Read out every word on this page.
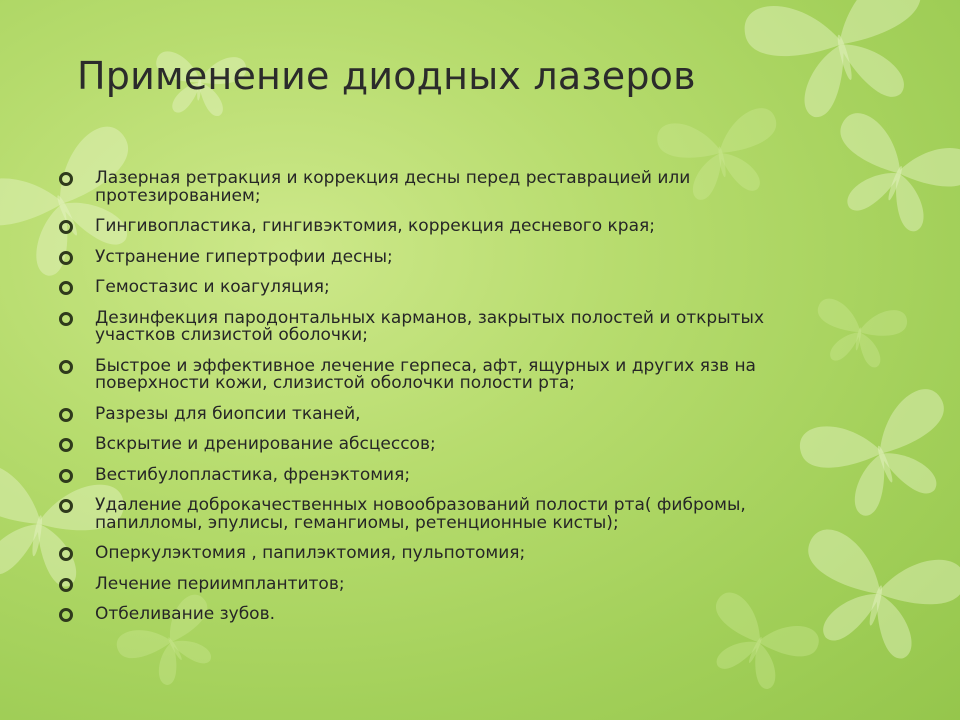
Применение диодных лазеров
Лазерная ретракция и коррекция десны перед реставрацией или протезированием;
Гингивопластика, гингивэктомия, коррекция десневого края;
Устранение гипертрофии десны;
Гемостазис и коагуляция;
Дезинфекция пародонтальных карманов, закрытых полостей и открытых участков слизистой оболочки;
Быстрое и эффективное лечение герпеса, афт, ящурных и других язв на поверхности кожи, слизистой оболочки полости рта;
Разрезы для биопсии тканей,
Вскрытие и дренирование абсцессов;
Вестибулопластика, френэктомия;
Удаление доброкачественных новообразований полости рта( фибромы, папилломы, эпулисы, гемангиомы, ретенционные кисты);
Оперкулэктомия , папилэктомия, пульпотомия;
Лечение периимплантитов;
Отбеливание зубов.
